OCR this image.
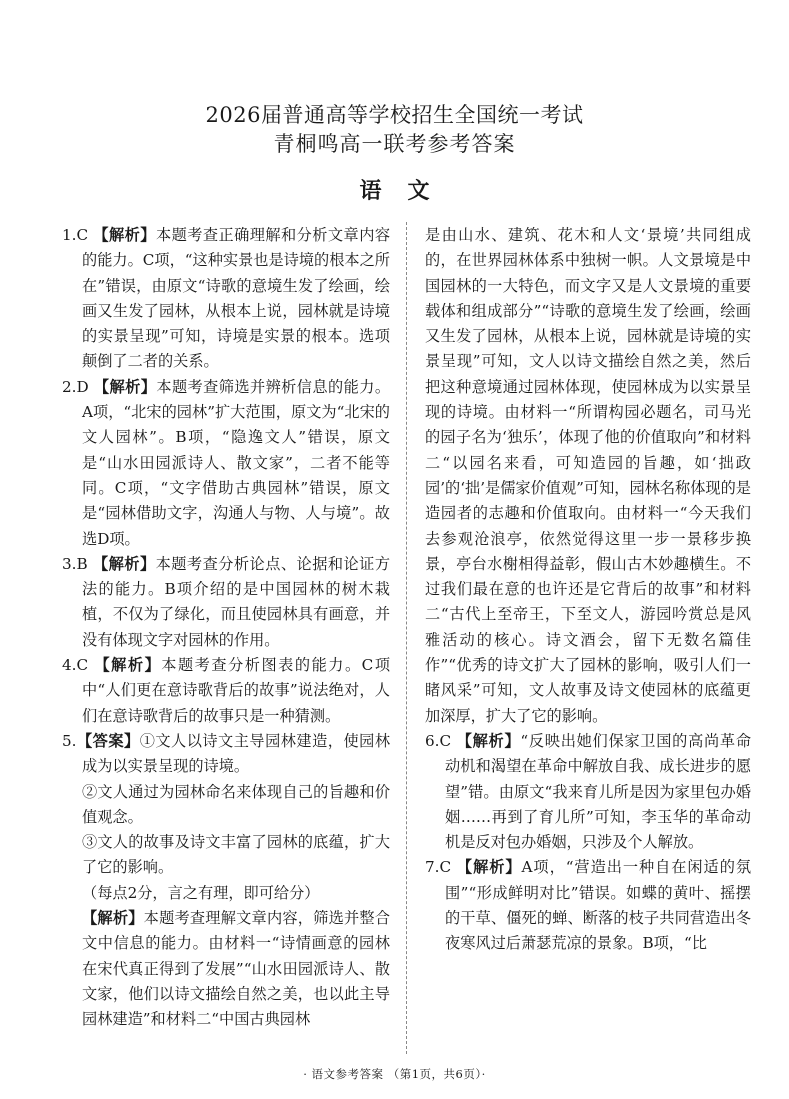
2026届普通高等学校招生全国统一考试
青桐鸣高一联考参考答案
语文

1.C 【解析】本题考查正确理解和分析文章内容的能力。C项，“这种实景也是诗境的根本之所在”错误，由原文“诗歌的意境生发了绘画，绘画又生发了园林，从根本上说，园林就是诗境的实景呈现”可知，诗境是实景的根本。选项颠倒了二者的关系。

2.D 【解析】本题考查筛选并辨析信息的能力。A项，“北宋的园林”扩大范围，原文为“北宋的文人园林”。B项，“隐逸文人”错误，原文是“山水田园派诗人、散文家”，二者不能等同。C项，“文字借助古典园林”错误，原文是“园林借助文字，沟通人与物、人与境”。故选D项。

3.B 【解析】本题考查分析论点、论据和论证方法的能力。B项介绍的是中国园林的树木栽植，不仅为了绿化，而且使园林具有画意，并没有体现文字对园林的作用。

4.C 【解析】本题考查分析图表的能力。C项中“人们更在意诗歌背后的故事”说法绝对，人们在意诗歌背后的故事只是一种猜测。

5.【答案】①文人以诗文主导园林建造，使园林成为以实景呈现的诗境。

②文人通过为园林命名来体现自己的旨趣和价值观念。

③文人的故事及诗文丰富了园林的底蕴，扩大了它的影响。

（每点2分，言之有理，即可给分）

【解析】本题考查理解文章内容，筛选并整合文中信息的能力。由材料一“诗情画意的园林在宋代真正得到了发展”“山水田园派诗人、散文家，他们以诗文描绘自然之美，也以此主导园林建造”和材料二“中国古典园林

是由山水、建筑、花木和人文‘景境’共同组成的，在世界园林体系中独树一帜。人文景境是中国园林的一大特色，而文字又是人文景境的重要载体和组成部分”“诗歌的意境生发了绘画，绘画又生发了园林，从根本上说，园林就是诗境的实景呈现”可知，文人以诗文描绘自然之美，然后把这种意境通过园林体现，使园林成为以实景呈现的诗境。由材料一“所谓构园必题名，司马光的园子名为‘独乐’，体现了他的价值取向”和材料二“以园名来看，可知造园的旨趣，如‘拙政园’的‘拙’是儒家价值观”可知，园林名称体现的是造园者的志趣和价值取向。由材料一“今天我们去参观沧浪亭，依然觉得这里一步一景移步换景，亭台水榭相得益彰，假山古木妙趣横生。不过我们最在意的也许还是它背后的故事”和材料二“古代上至帝王，下至文人，游园吟赏总是风雅活动的核心。诗文酒会，留下无数名篇佳作”“优秀的诗文扩大了园林的影响，吸引人们一睹风采”可知，文人故事及诗文使园林的底蕴更加深厚，扩大了它的影响。

6.C 【解析】“反映出她们保家卫国的高尚革命动机和渴望在革命中解放自我、成长进步的愿望”错。由原文“我来育儿所是因为家里包办婚姻……再到了育儿所”可知，李玉华的革命动机是反对包办婚姻，只涉及个人解放。

7.C 【解析】A项，“营造出一种自在闲适的氛围”“形成鲜明对比”错误。如蝶的黄叶、摇摆的干草、僵死的蝉、断落的枝子共同营造出冬夜寒风过后萧瑟荒凉的景象。B项，“比

· 语文参考答案 （第1页，共6页）·
